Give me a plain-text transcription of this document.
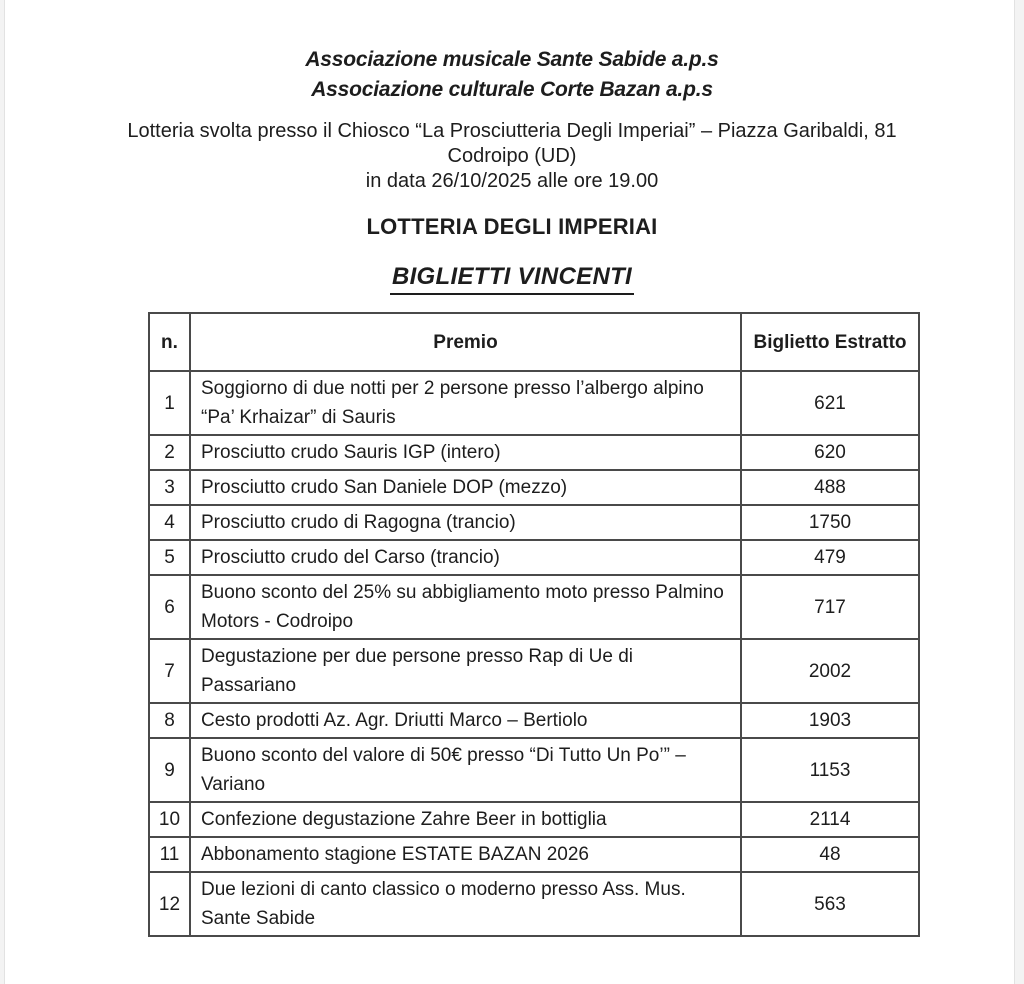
Associazione musicale Sante Sabide a.p.s
Associazione culturale Corte Bazan a.p.s
Lotteria svolta presso il Chiosco “La Prosciutteria Degli Imperiai” – Piazza Garibaldi, 81
Codroipo (UD)
in data 26/10/2025 alle ore 19.00
LOTTERIA DEGLI IMPERIAI
BIGLIETTI VINCENTI
n.	Premio	Biglietto Estratto
1	Soggiorno di due notti per 2 persone presso l’albergo alpino “Pa’ Krhaizar” di Sauris	621
2	Prosciutto crudo Sauris IGP (intero)	620
3	Prosciutto crudo San Daniele DOP (mezzo)	488
4	Prosciutto crudo di Ragogna (trancio)	1750
5	Prosciutto crudo del Carso (trancio)	479
6	Buono sconto del 25% su abbigliamento moto presso Palmino Motors - Codroipo	717
7	Degustazione per due persone presso Rap di Ue di Passariano	2002
8	Cesto prodotti Az. Agr. Driutti Marco – Bertiolo	1903
9	Buono sconto del valore di 50€ presso “Di Tutto Un Po’” – Variano	1153
10	Confezione degustazione Zahre Beer in bottiglia	2114
11	Abbonamento stagione ESTATE BAZAN 2026	48
12	Due lezioni di canto classico o moderno presso Ass. Mus. Sante Sabide	563
